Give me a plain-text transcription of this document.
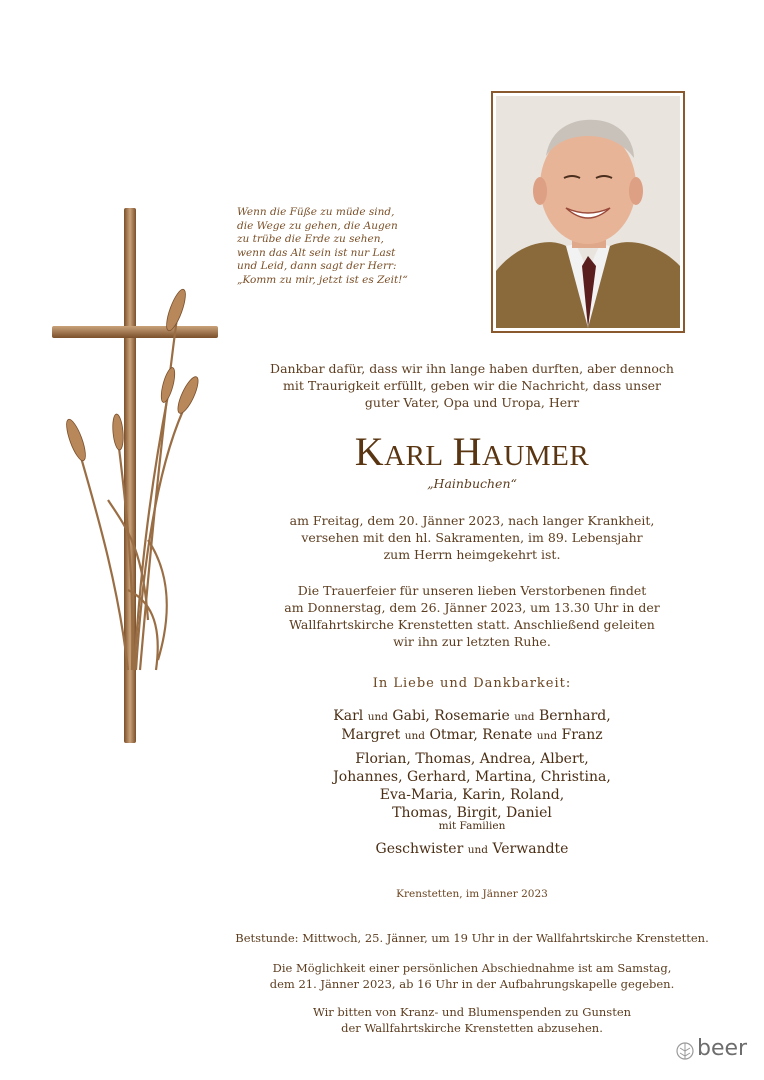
Wenn die Füße zu müde sind,
die Wege zu gehen, die Augen
zu trübe die Erde zu sehen,
wenn das Alt sein ist nur Last
und Leid, dann sagt der Herr:
„Komm zu mir, jetzt ist es Zeit!“
Dankbar dafür, dass wir ihn lange haben durften, aber dennoch
mit Traurigkeit erfüllt, geben wir die Nachricht, dass unser
guter Vater, Opa und Uropa, Herr
KARL HAUMER
„Hainbuchen“
am Freitag, dem 20. Jänner 2023, nach langer Krankheit,
versehen mit den hl. Sakramenten, im 89. Lebensjahr
zum Herrn heimgekehrt ist.
Die Trauerfeier für unseren lieben Verstorbenen findet
am Donnerstag, dem 26. Jänner 2023, um 13.30 Uhr in der
Wallfahrtskirche Krenstetten statt. Anschließend geleiten
wir ihn zur letzten Ruhe.
In Liebe und Dankbarkeit:
Karl und Gabi, Rosemarie und Bernhard,
Margret und Otmar, Renate und Franz
Florian, Thomas, Andrea, Albert,
Johannes, Gerhard, Martina, Christina,
Eva-Maria, Karin, Roland,
Thomas, Birgit, Daniel
mit Familien
Geschwister und Verwandte
Krenstetten, im Jänner 2023
Betstunde: Mittwoch, 25. Jänner, um 19 Uhr in der Wallfahrtskirche Krenstetten.
Die Möglichkeit einer persönlichen Abschiednahme ist am Samstag,
dem 21. Jänner 2023, ab 16 Uhr in der Aufbahrungskapelle gegeben.
Wir bitten von Kranz- und Blumenspenden zu Gunsten
der Wallfahrtskirche Krenstetten abzusehen.
beer
